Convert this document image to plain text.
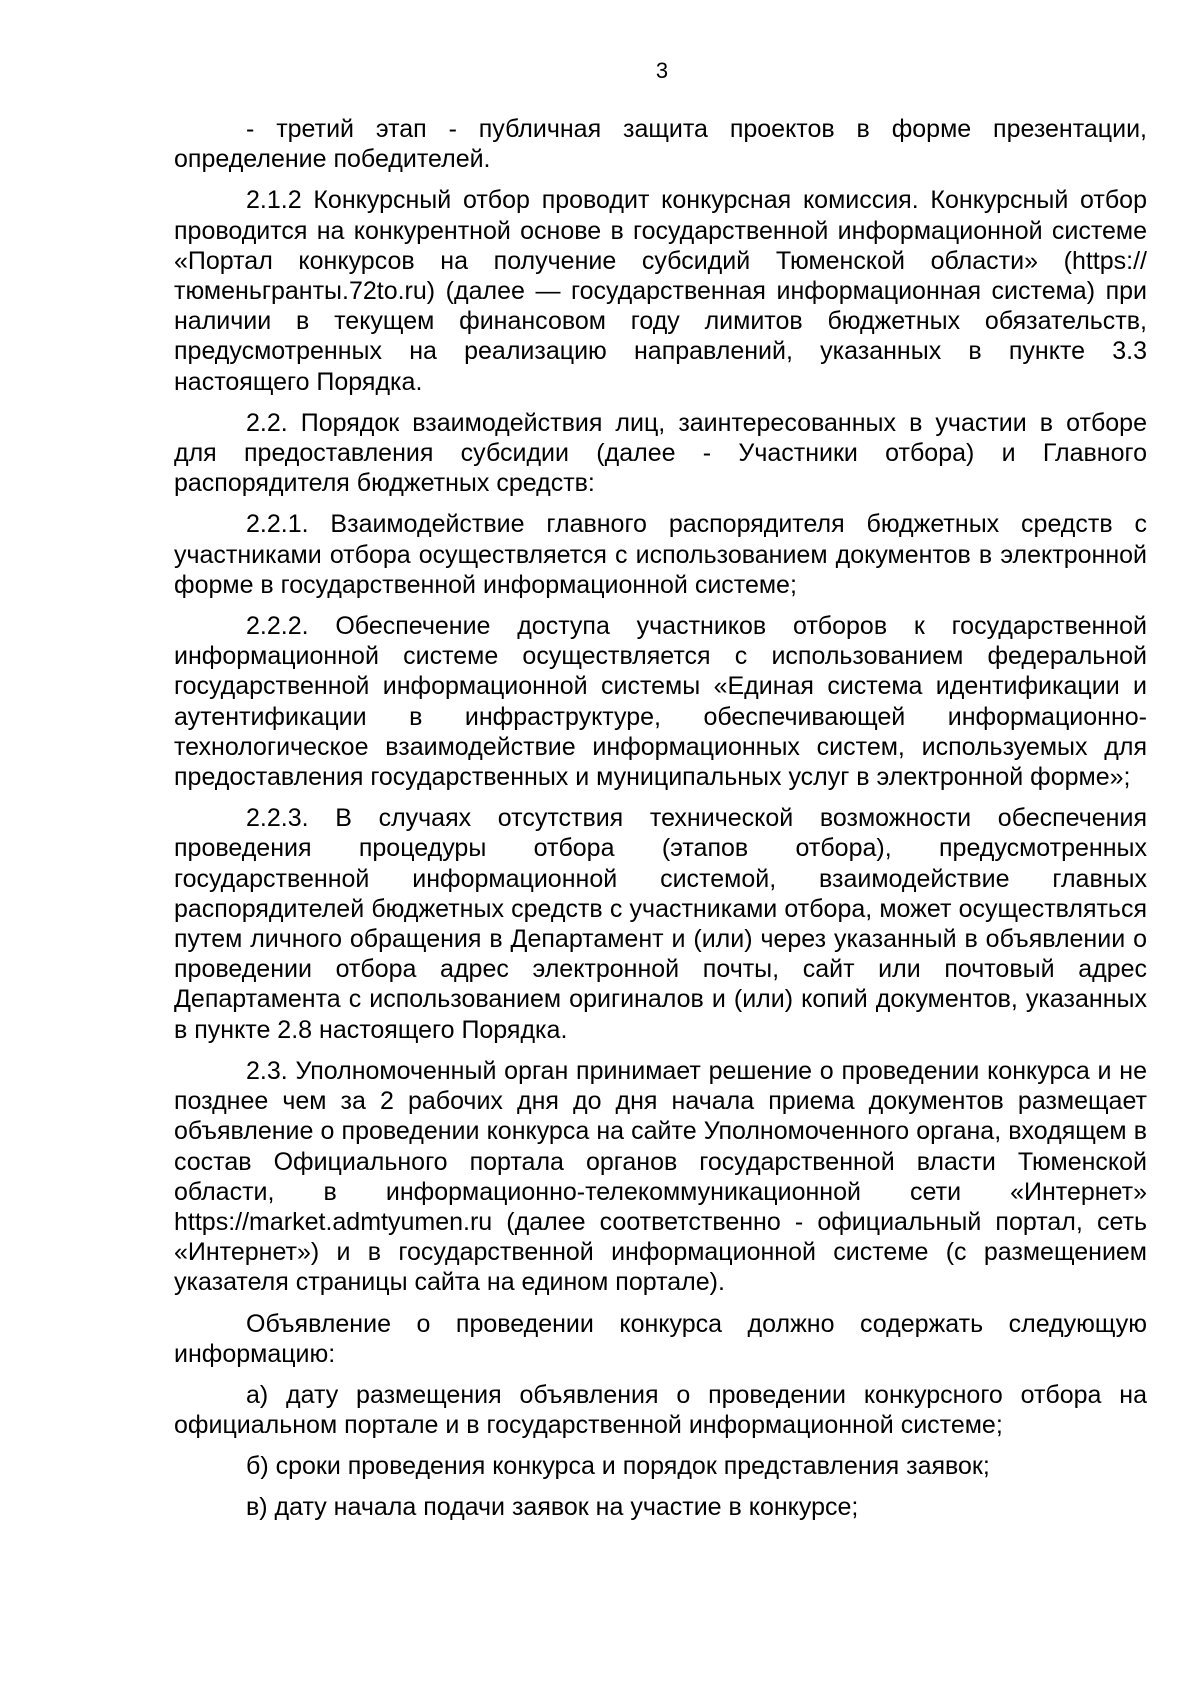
3

- третий этап - публичная защита проектов в форме презентации, определение победителей.

2.1.2 Конкурсный отбор проводит конкурсная комиссия. Конкурсный отбор проводится на конкурентной основе в государственной информационной системе «Портал конкурсов на получение субсидий Тюменской области» (https://тюменьгранты.72to.ru) (далее — государственная информационная система) при наличии в текущем финансовом году лимитов бюджетных обязательств, предусмотренных на реализацию направлений, указанных в пункте 3.3 настоящего Порядка.

2.2. Порядок взаимодействия лиц, заинтересованных в участии в отборе для предоставления субсидии (далее - Участники отбора) и Главного распорядителя бюджетных средств:

2.2.1. Взаимодействие главного распорядителя бюджетных средств с участниками отбора осуществляется с использованием документов в электронной форме в государственной информационной системе;

2.2.2. Обеспечение доступа участников отборов к государственной информационной системе осуществляется с использованием федеральной государственной информационной системы «Единая система идентификации и аутентификации в инфраструктуре, обеспечивающей информационно-технологическое взаимодействие информационных систем, используемых для предоставления государственных и муниципальных услуг в электронной форме»;

2.2.3. В случаях отсутствия технической возможности обеспечения проведения процедуры отбора (этапов отбора), предусмотренных государственной информационной системой, взаимодействие главных распорядителей бюджетных средств с участниками отбора, может осуществляться путем личного обращения в Департамент и (или) через указанный в объявлении о проведении отбора адрес электронной почты, сайт или почтовый адрес Департамента с использованием оригиналов и (или) копий документов, указанных в пункте 2.8 настоящего Порядка.

2.3. Уполномоченный орган принимает решение о проведении конкурса и не позднее чем за 2 рабочих дня до дня начала приема документов размещает объявление о проведении конкурса на сайте Уполномоченного органа, входящем в состав Официального портала органов государственной власти Тюменской области, в информационно-телекоммуникационной сети «Интернет» https://market.admtyumen.ru (далее соответственно - официальный портал, сеть «Интернет») и в государственной информационной системе (с размещением указателя страницы сайта на едином портале).

Объявление о проведении конкурса должно содержать следующую информацию:

а) дату размещения объявления о проведении конкурсного отбора на официальном портале и в государственной информационной системе;

б) сроки проведения конкурса и порядок представления заявок;

в) дату начала подачи заявок на участие в конкурсе;
